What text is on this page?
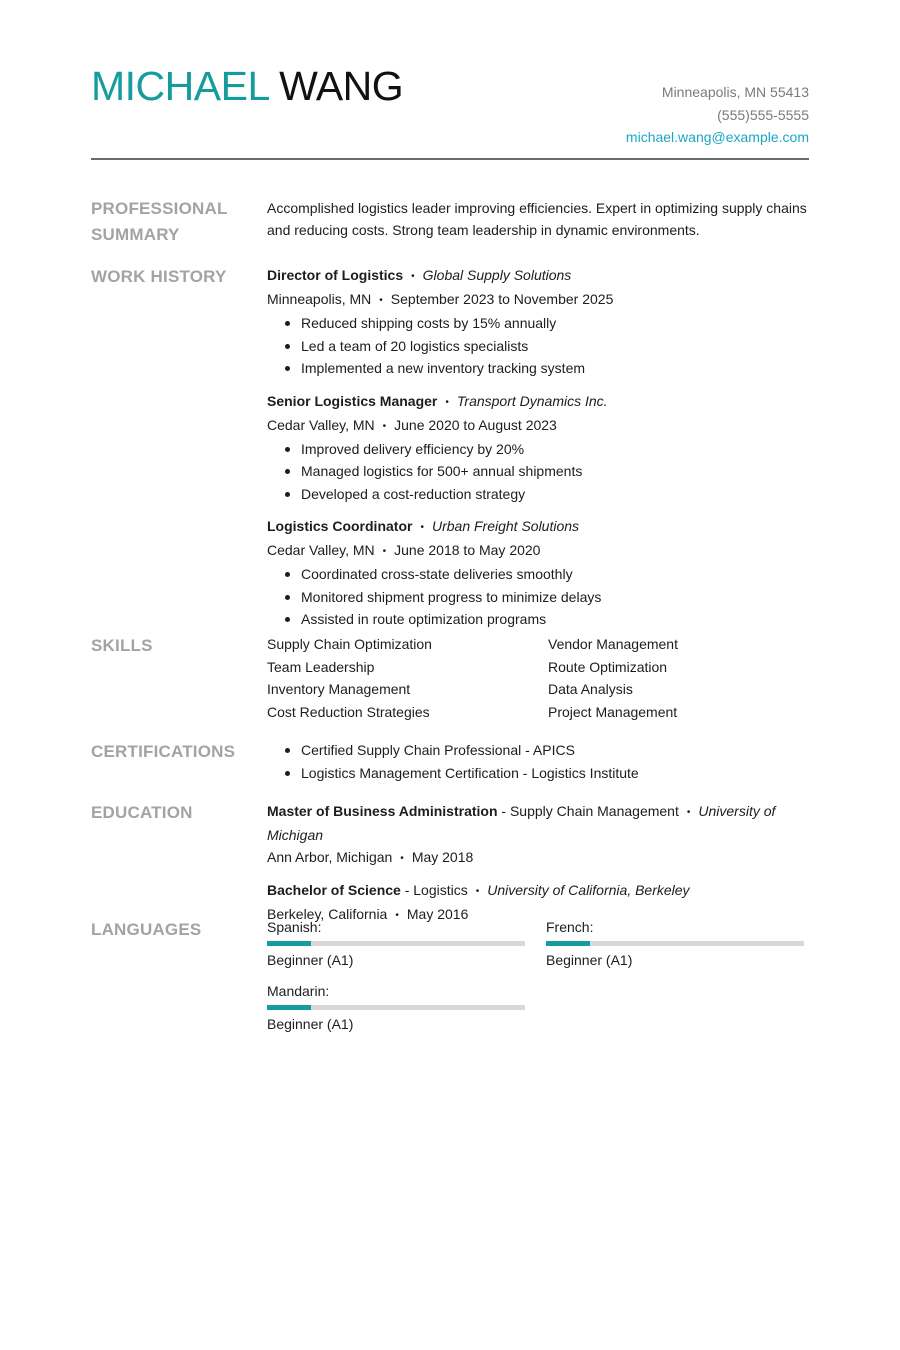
MICHAEL WANG	Minneapolis, MN 55413
(555)555-5555
michael.wang@example.com
PROFESSIONAL
SUMMARY
Accomplished logistics leader improving efficiencies. Expert in optimizing supply chains and reducing costs. Strong team leadership in dynamic environments.
WORK HISTORY	Director of Logistics • Global Supply Solutions
Minneapolis, MN • September 2023 to November 2025
Reduced shipping costs by 15% annually
Led a team of 20 logistics specialists
Implemented a new inventory tracking system
Senior Logistics Manager • Transport Dynamics Inc.
Cedar Valley, MN • June 2020 to August 2023
Improved delivery efficiency by 20%
Managed logistics for 500+ annual shipments
Developed a cost-reduction strategy
Logistics Coordinator • Urban Freight Solutions
Cedar Valley, MN • June 2018 to May 2020
Coordinated cross-state deliveries smoothly
Monitored shipment progress to minimize delays
Assisted in route optimization programs
SKILLS	Supply Chain Optimization	Vendor Management
Team Leadership	Route Optimization
Inventory Management	Data Analysis
Cost Reduction Strategies	Project Management
CERTIFICATIONS	Certified Supply Chain Professional - APICS
Logistics Management Certification - Logistics Institute
EDUCATION	Master of Business Administration - Supply Chain Management • University of Michigan
Ann Arbor, Michigan • May 2018
Bachelor of Science - Logistics • University of California, Berkeley
Berkeley, California • May 2016
LANGUAGES	Spanish:
Beginner (A1)
French:
Beginner (A1)
Mandarin:
Beginner (A1)
